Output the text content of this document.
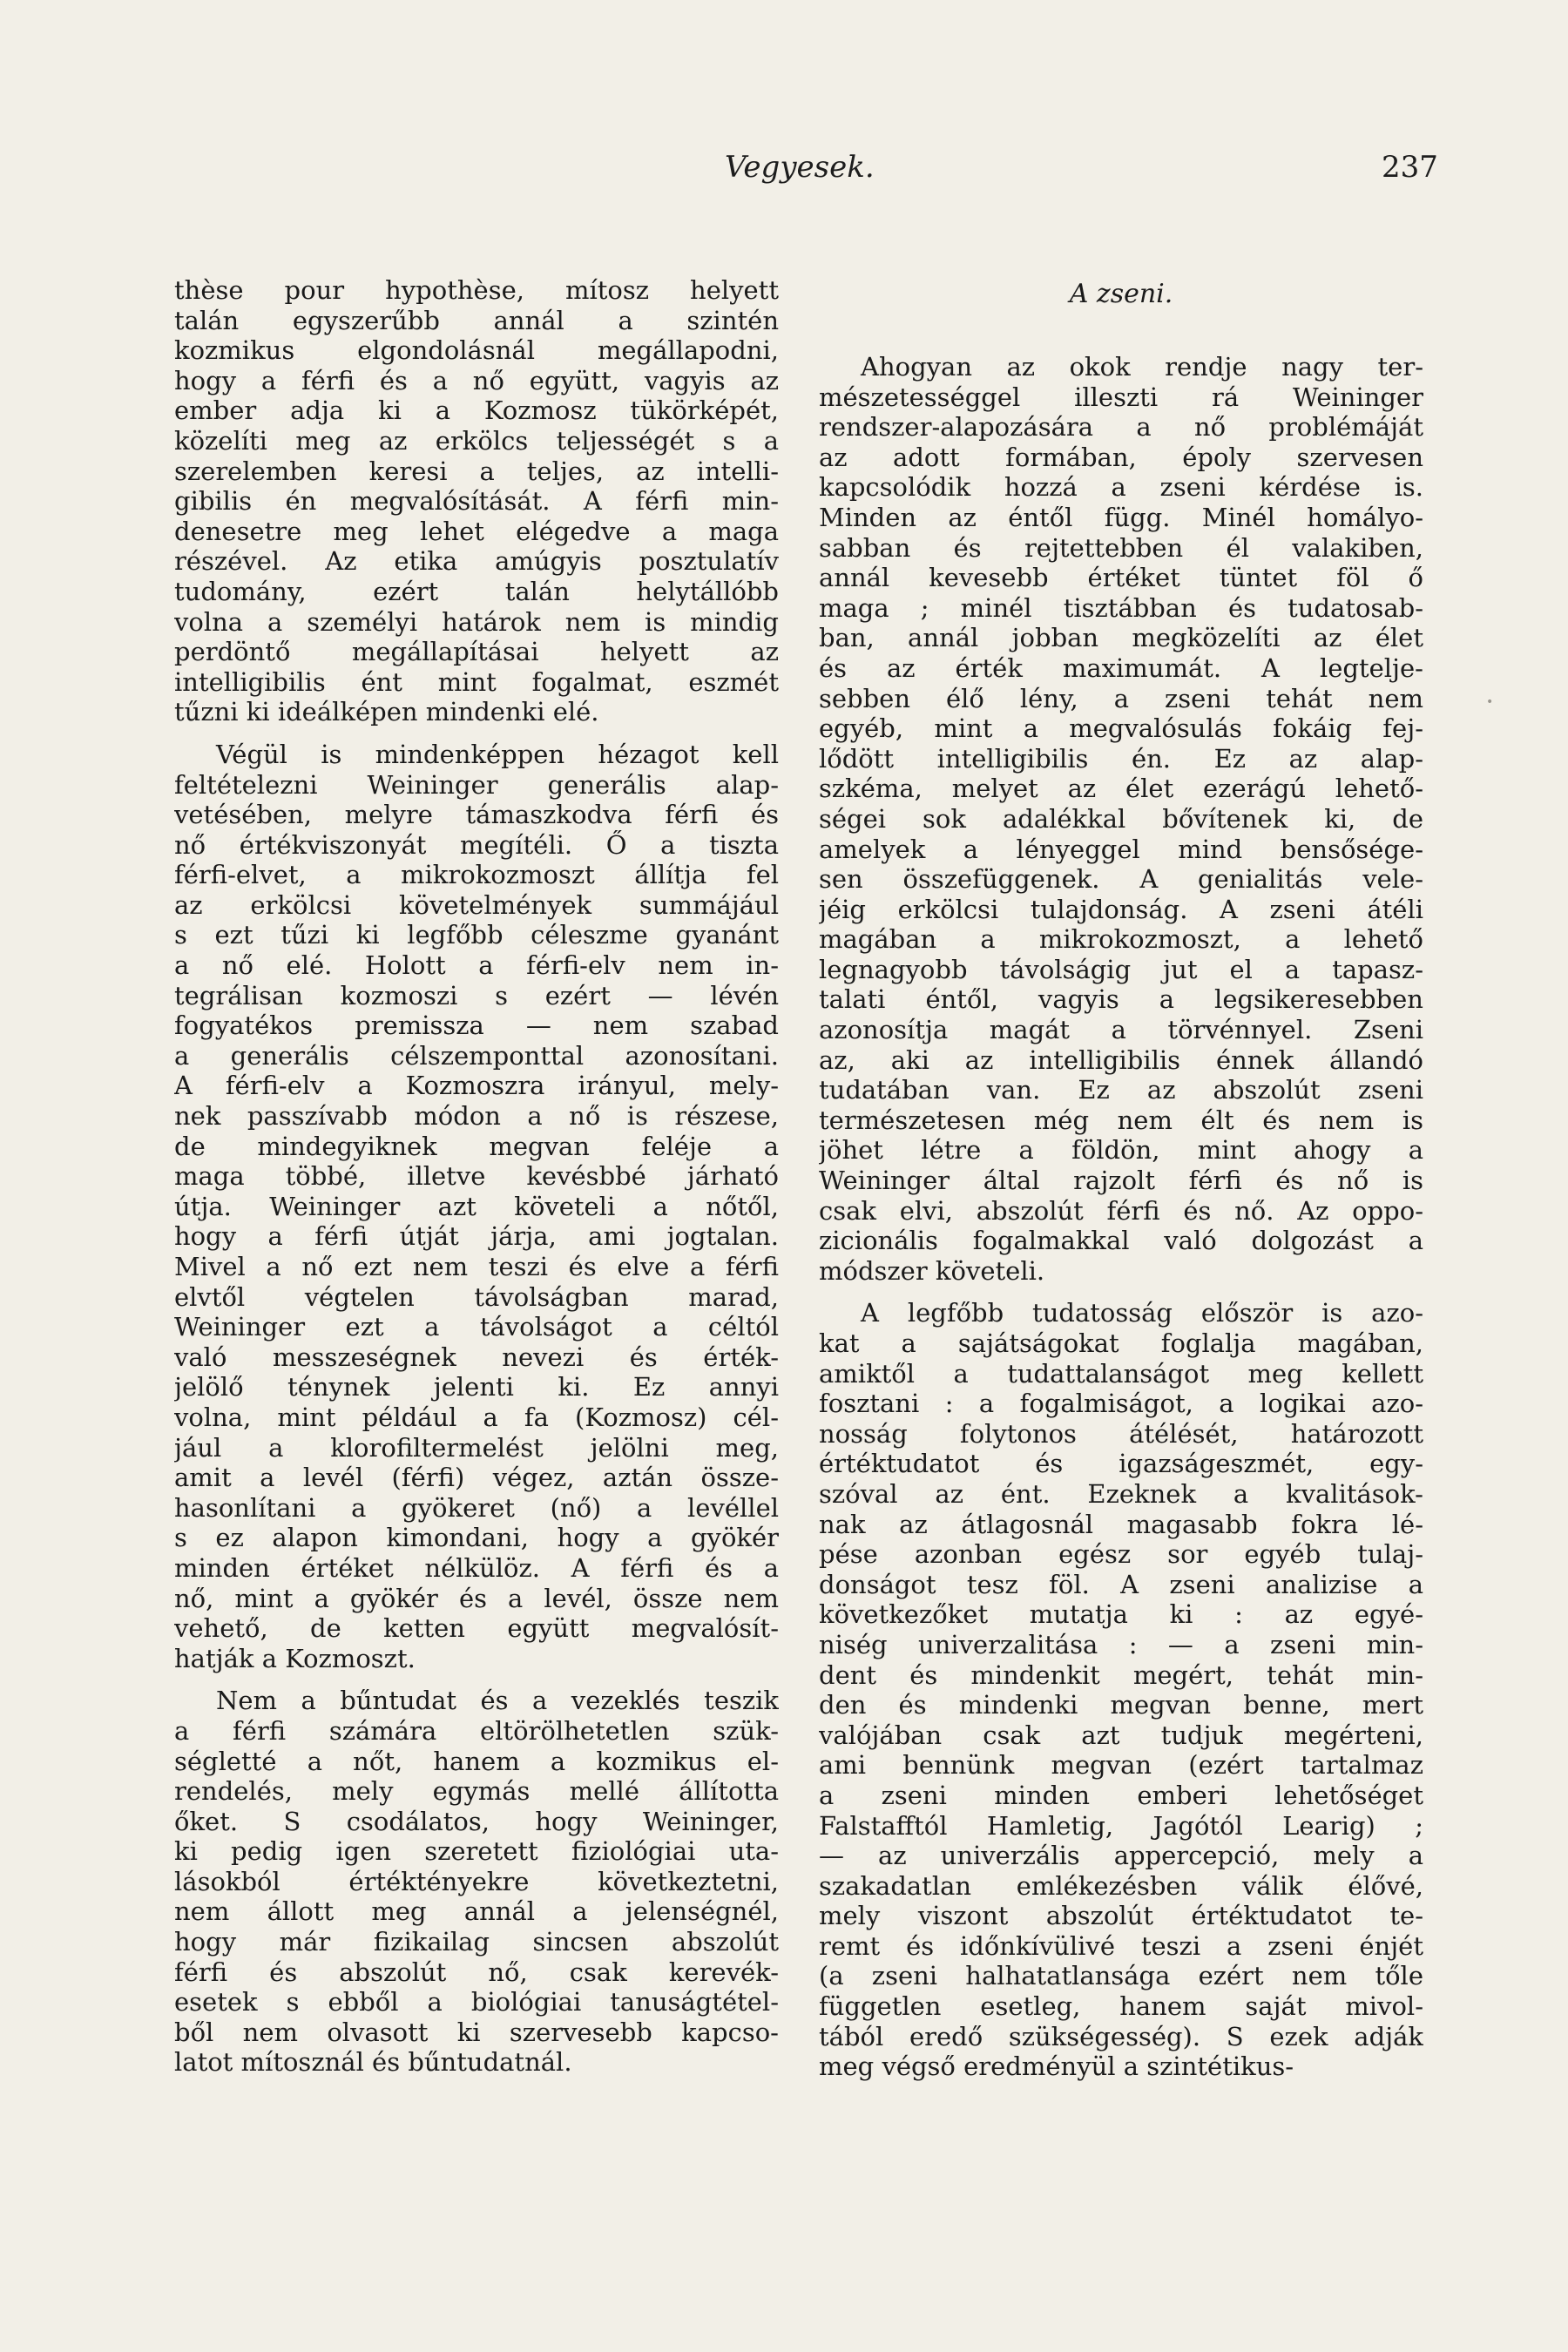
Vegyesek.	237
thèse pour hypothèse, mítosz helyett
talán egyszerűbb annál a szintén
kozmikus elgondolásnál megállapodni,
hogy a férfi és a nő együtt, vagyis az
ember adja ki a Kozmosz tükörképét,
közelíti meg az erkölcs teljességét s a
szerelemben keresi a teljes, az intelli-
gibilis én megvalósítását. A férfi min-
denesetre meg lehet elégedve a maga
részével. Az etika amúgyis posztulatív
tudomány, ezért talán helytállóbb
volna a személyi határok nem is mindig
perdöntő megállapításai helyett az
intelligibilis ént mint fogalmat, eszmét
tűzni ki ideálképen mindenki elé.
Végül is mindenképpen hézagot kell
feltételezni Weininger generális alap-
vetésében, melyre támaszkodva férfi és
nő értékviszonyát megítéli. Ő a tiszta
férfi-elvet, a mikrokozmoszt állítja fel
az erkölcsi követelmények summájául
s ezt tűzi ki legfőbb céleszme gyanánt
a nő elé. Holott a férfi-elv nem in-
tegrálisan kozmoszi s ezért — lévén
fogyatékos premissza — nem szabad
a generális célszemponttal azonosítani.
A férfi-elv a Kozmoszra irányul, mely-
nek passzívabb módon a nő is részese,
de mindegyiknek megvan feléje a
maga többé, illetve kevésbbé járható
útja. Weininger azt követeli a nőtől,
hogy a férfi útját járja, ami jogtalan.
Mivel a nő ezt nem teszi és elve a férfi
elvtől végtelen távolságban marad,
Weininger ezt a távolságot a céltól
való messzeségnek nevezi és érték-
jelölő ténynek jelenti ki. Ez annyi
volna, mint például a fa (Kozmosz) cél-
jául a klorofiltermelést jelölni meg,
amit a levél (férfi) végez, aztán össze-
hasonlítani a gyökeret (nő) a levéllel
s ez alapon kimondani, hogy a gyökér
minden értéket nélkülöz. A férfi és a
nő, mint a gyökér és a levél, össze nem
vehető, de ketten együtt megvalósít-
hatják a Kozmoszt.
Nem a bűntudat és a vezeklés teszik
a férfi számára eltörölhetetlen szük-
ségletté a nőt, hanem a kozmikus el-
rendelés, mely egymás mellé állította
őket. S csodálatos, hogy Weininger,
ki pedig igen szeretett fiziológiai uta-
lásokból értéktényekre következtetni,
nem állott meg annál a jelenségnél,
hogy már fizikailag sincsen abszolút
férfi és abszolút nő, csak kerevék-
esetek s ebből a biológiai tanuságtétel-
ből nem olvasott ki szervesebb kapcso-
latot mítosznál és bűntudatnál.
A zseni.
Ahogyan az okok rendje nagy ter-
mészetességgel illeszti rá Weininger
rendszer-alapozására a nő problémáját
az adott formában, époly szervesen
kapcsolódik hozzá a zseni kérdése is.
Minden az éntől függ. Minél homályo-
sabban és rejtettebben él valakiben,
annál kevesebb értéket tüntet föl ő
maga ; minél tisztábban és tudatosab-
ban, annál jobban megközelíti az élet
és az érték maximumát. A legtelje-
sebben élő lény, a zseni tehát nem
egyéb, mint a megvalósulás fokáig fej-
lődött intelligibilis én. Ez az alap-
szkéma, melyet az élet ezerágú lehető-
ségei sok adalékkal bővítenek ki, de
amelyek a lényeggel mind bensősége-
sen összefüggenek. A genialitás vele-
jéig erkölcsi tulajdonság. A zseni átéli
magában a mikrokozmoszt, a lehető
legnagyobb távolságig jut el a tapasz-
talati éntől, vagyis a legsikeresebben
azonosítja magát a törvénnyel. Zseni
az, aki az intelligibilis énnek állandó
tudatában van. Ez az abszolút zseni
természetesen még nem élt és nem is
jöhet létre a földön, mint ahogy a
Weininger által rajzolt férfi és nő is
csak elvi, abszolút férfi és nő. Az oppo-
zicionális fogalmakkal való dolgozást a
módszer követeli.
A legfőbb tudatosság először is azo-
kat a sajátságokat foglalja magában,
amiktől a tudattalanságot meg kellett
fosztani : a fogalmiságot, a logikai azo-
nosság folytonos átélését, határozott
értéktudatot és igazságeszmét, egy-
szóval az ént. Ezeknek a kvalitások-
nak az átlagosnál magasabb fokra lé-
pése azonban egész sor egyéb tulaj-
donságot tesz föl. A zseni analizise a
következőket mutatja ki : az egyé-
niség univerzalitása : — a zseni min-
dent és mindenkit megért, tehát min-
den és mindenki megvan benne, mert
valójában csak azt tudjuk megérteni,
ami bennünk megvan (ezért tartalmaz
a zseni minden emberi lehetőséget
Falstafftól Hamletig, Jagótól Learig) ;
— az univerzális appercepció, mely a
szakadatlan emlékezésben válik élővé,
mely viszont abszolút értéktudatot te-
remt és időnkívülivé teszi a zseni énjét
(a zseni halhatatlansága ezért nem tőle
független esetleg, hanem saját mivol-
tából eredő szükségesség). S ezek adják
meg végső eredményül a szintétikus-
•
